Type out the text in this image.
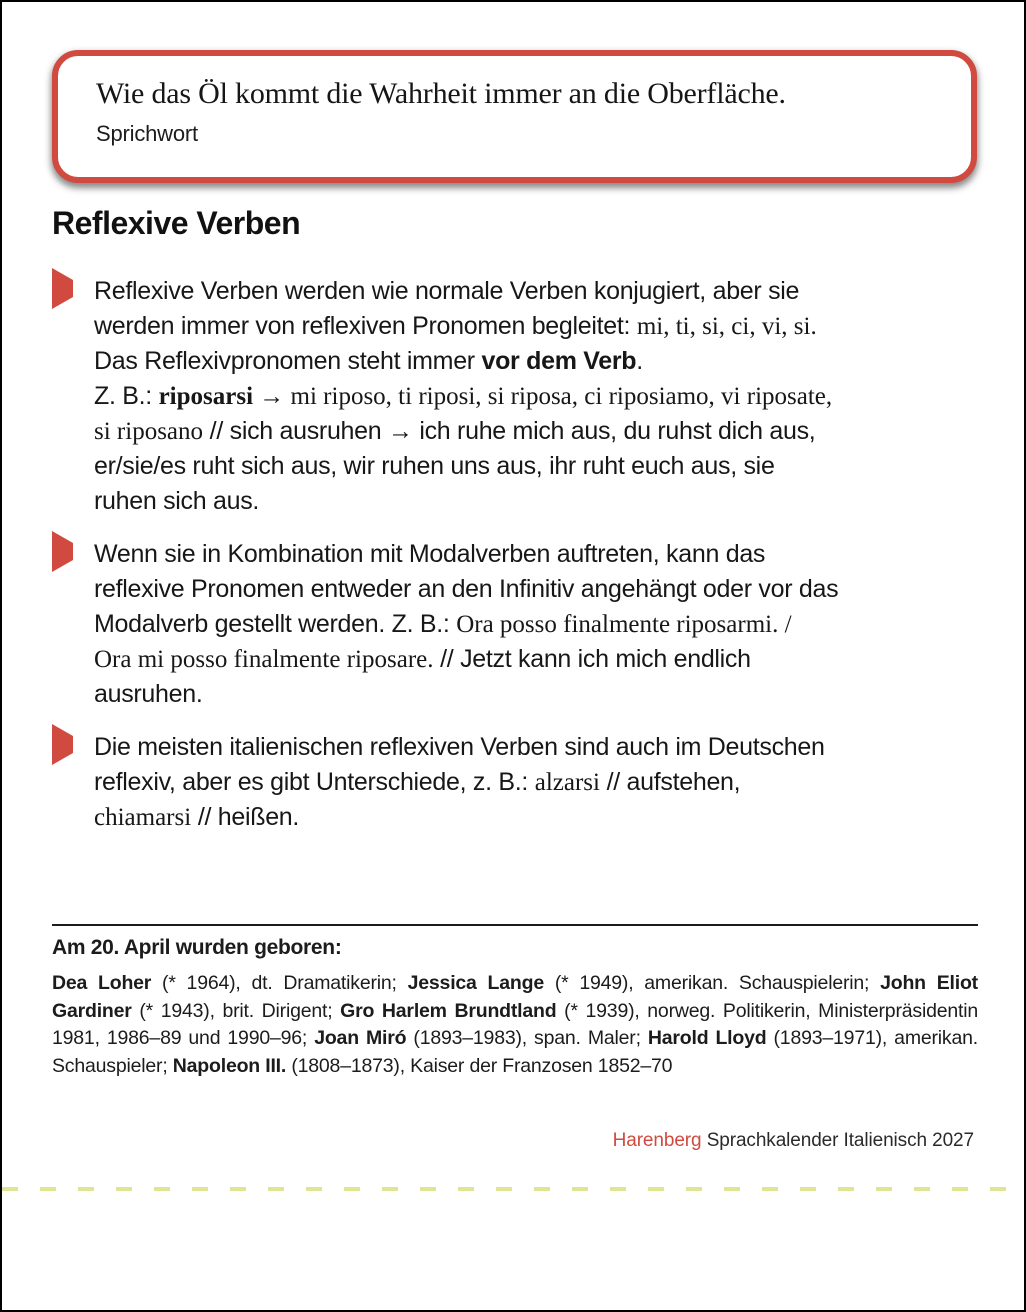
Wie das Öl kommt die Wahrheit immer an die Oberfläche.
Sprichwort
Reflexive Verben
Reflexive Verben werden wie normale Verben konjugiert, aber sie
werden immer von reflexiven Pronomen begleitet: mi, ti, si, ci, vi, si.
Das Reflexivpronomen steht immer vor dem Verb.
Z. B.: riposarsi → mi riposo, ti riposi, si riposa, ci riposiamo, vi riposate,
si riposano // sich ausruhen → ich ruhe mich aus, du ruhst dich aus,
er/sie/es ruht sich aus, wir ruhen uns aus, ihr ruht euch aus, sie
ruhen sich aus.
Wenn sie in Kombination mit Modalverben auftreten, kann das
reflexive Pronomen entweder an den Infinitiv angehängt oder vor das
Modalverb gestellt werden. Z. B.: Ora posso finalmente riposarmi. /
Ora mi posso finalmente riposare. // Jetzt kann ich mich endlich
ausruhen.
Die meisten italienischen reflexiven Verben sind auch im Deutschen
reflexiv, aber es gibt Unterschiede, z. B.: alzarsi // aufstehen,
chiamarsi // heißen.
Am 20. April wurden geboren:
Dea Loher (* 1964), dt. Dramatikerin; Jessica Lange (* 1949), amerikan. Schauspielerin; John Eliot Gardiner (* 1943), brit. Dirigent; Gro Harlem Brundtland (* 1939), norweg. Politikerin, Ministerpräsidentin 1981, 1986–89 und 1990–96; Joan Miró (1893–1983), span. Maler; Harold Lloyd (1893–1971), amerikan. Schauspieler; Napoleon III. (1808–1873), Kaiser der Franzosen 1852–70
Harenberg Sprachkalender Italienisch 2027
